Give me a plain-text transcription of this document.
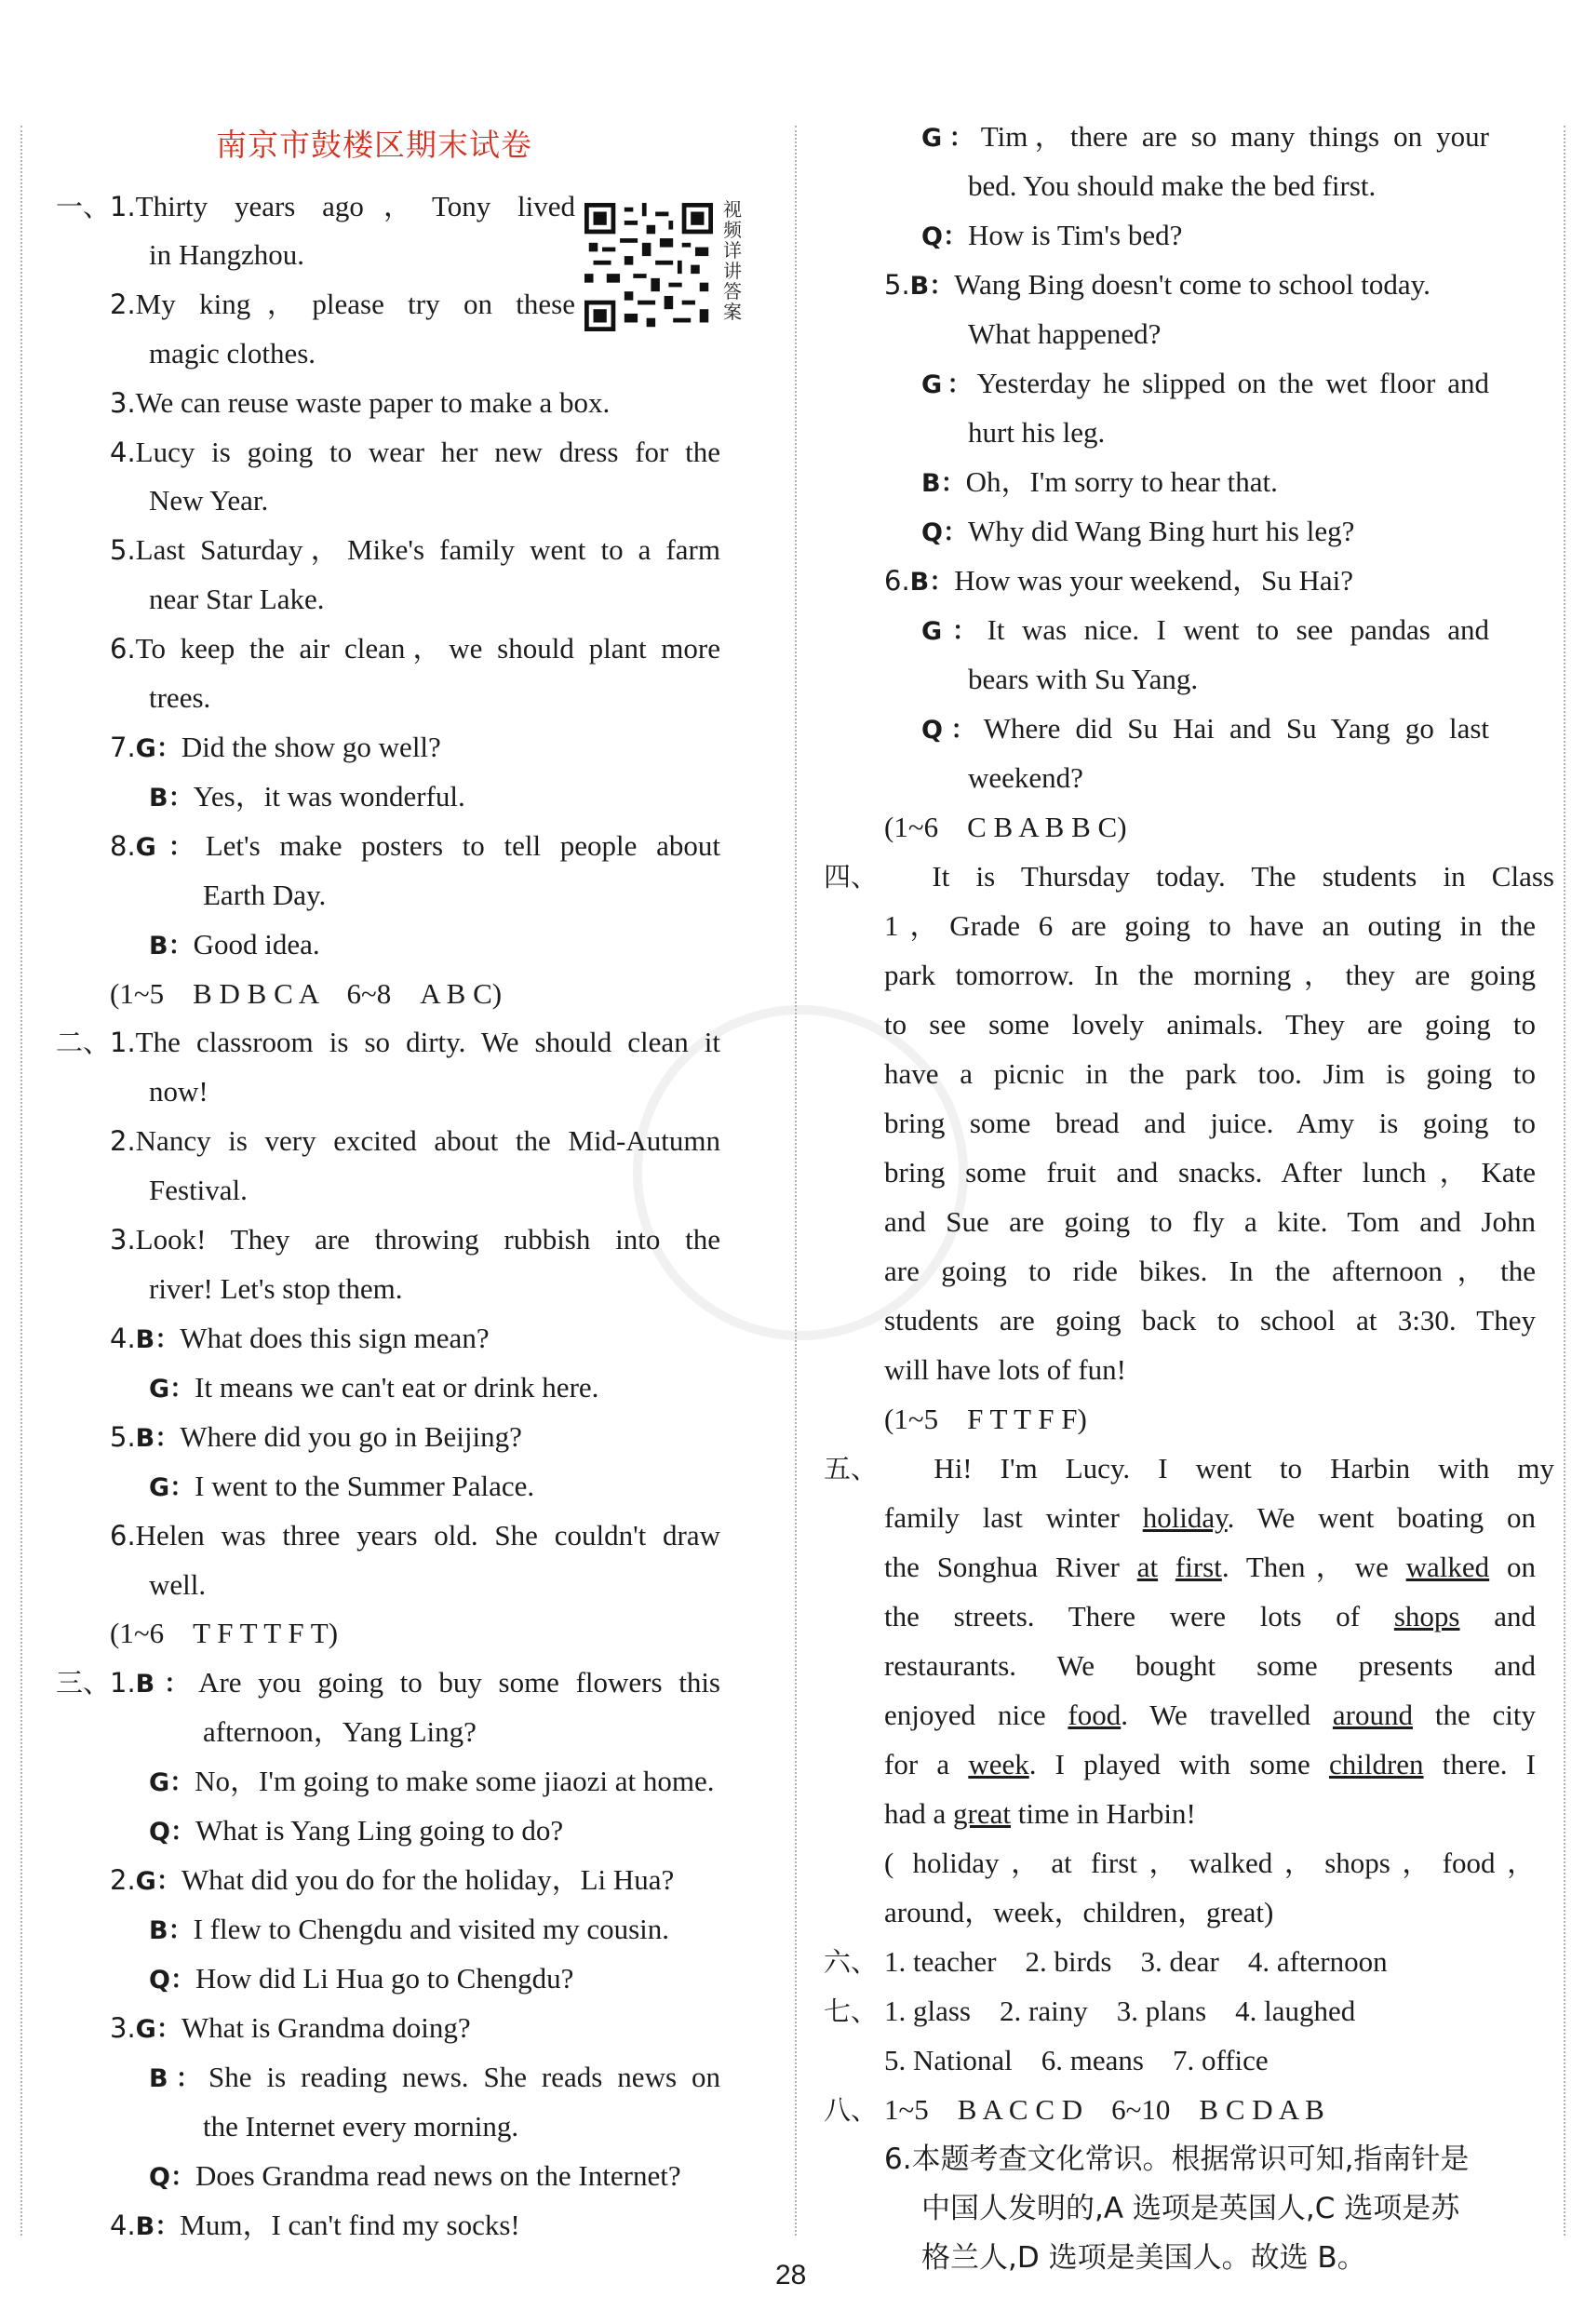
南京市鼓楼区期末试卷
视频详讲答案
一、 1.Thirty years ago，Tony lived
in Hangzhou.
2.My king，please try on these
magic clothes.
3.We can reuse waste paper to make a box.
4.Lucy is going to wear her new dress for the
New Year.
5.Last Saturday，Mike's family went to a farm
near Star Lake.
6.To keep the air clean，we should plant more
trees.
7.G：Did the show go well?
B：Yes，it was wonderful.
8.G：Let's make posters to tell people about
Earth Day.
B：Good idea.
(1~5　B D B C A　6~8　A B C)
二、 1.The classroom is so dirty. We should clean it
now!
2.Nancy is very excited about the Mid-Autumn
Festival.
3.Look! They are throwing rubbish into the
river! Let's stop them.
4.B：What does this sign mean?
G：It means we can't eat or drink here.
5.B：Where did you go in Beijing?
G：I went to the Summer Palace.
6.Helen was three years old. She couldn't draw
well.
(1~6　T F T T F T)
三、 1.B：Are you going to buy some flowers this
afternoon，Yang Ling?
G：No，I'm going to make some jiaozi at home.
Q：What is Yang Ling going to do?
2.G：What did you do for the holiday，Li Hua?
B：I flew to Chengdu and visited my cousin.
Q：How did Li Hua go to Chengdu?
3.G：What is Grandma doing?
B：She is reading news. She reads news on
the Internet every morning.
Q：Does Grandma read news on the Internet?
4.B：Mum，I can't find my socks!
G：Tim，there are so many things on your
bed. You should make the bed first.
Q：How is Tim's bed?
5.B：Wang Bing doesn't come to school today.
What happened?
G：Yesterday he slipped on the wet floor and
hurt his leg.
B：Oh，I'm sorry to hear that.
Q：Why did Wang Bing hurt his leg?
6.B：How was your weekend，Su Hai?
G：It was nice. I went to see pandas and
bears with Su Yang.
Q：Where did Su Hai and Su Yang go last
weekend?
(1~6　C B A B B C)
四、 　It is Thursday today. The students in Class
1，Grade 6 are going to have an outing in the
park tomorrow. In the morning，they are going
to see some lovely animals. They are going to
have a picnic in the park too. Jim is going to
bring some bread and juice. Amy is going to
bring some fruit and snacks. After lunch，Kate
and Sue are going to fly a kite. Tom and John
are going to ride bikes. In the afternoon，the
students are going back to school at 3:30. They
will have lots of fun!
(1~5　F T T F F)
五、 　Hi! I'm Lucy. I went to Harbin with my
family last winter holiday. We went boating on
the Songhua River at first. Then，we walked on
the streets. There were lots of shops and
restaurants. We bought some presents and
enjoyed nice food. We travelled around the city
for a week. I played with some children there. I
had a great time in Harbin!
( holiday，at first，walked，shops，food，
around，week，children，great)
六、 1. teacher　2. birds　3. dear　4. afternoon
七、 1. glass　2. rainy　3. plans　4. laughed
5. National　6. means　7. office
八、 1~5　B A C C D　6~10　B C D A B
6.本题考查文化常识。根据常识可知,指南针是
中国人发明的,A 选项是英国人,C 选项是苏
格兰人,D 选项是美国人。故选 B。
28
